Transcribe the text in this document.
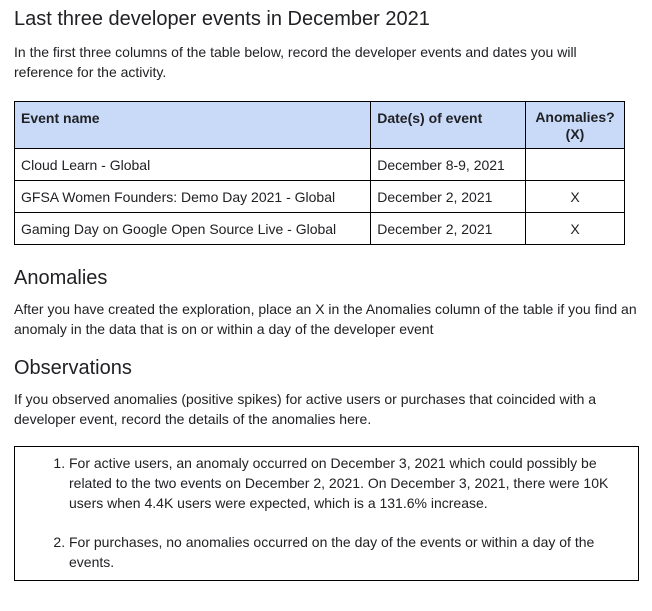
Last three developer events in December 2021

In the first three columns of the table below, record the developer events and dates you will reference for the activity.

Event name	Date(s) of event	Anomalies? (X)
Cloud Learn - Global	December 8-9, 2021	
GFSA Women Founders: Demo Day 2021 - Global	December 2, 2021	X
Gaming Day on Google Open Source Live - Global	December 2, 2021	X
Anomalies

After you have created the exploration, place an X in the Anomalies column of the table if you find an anomaly in the data that is on or within a day of the developer event

Observations

If you observed anomalies (positive spikes) for active users or purchases that coincided with a developer event, record the details of the anomalies here.

1. For active users, an anomaly occurred on December 3, 2021 which could possibly be related to the two events on December 2, 2021. On December 3, 2021, there were 10K users when 4.4K users were expected, which is a 131.6% increase.
2. For purchases, no anomalies occurred on the day of the events or within a day of the events.
